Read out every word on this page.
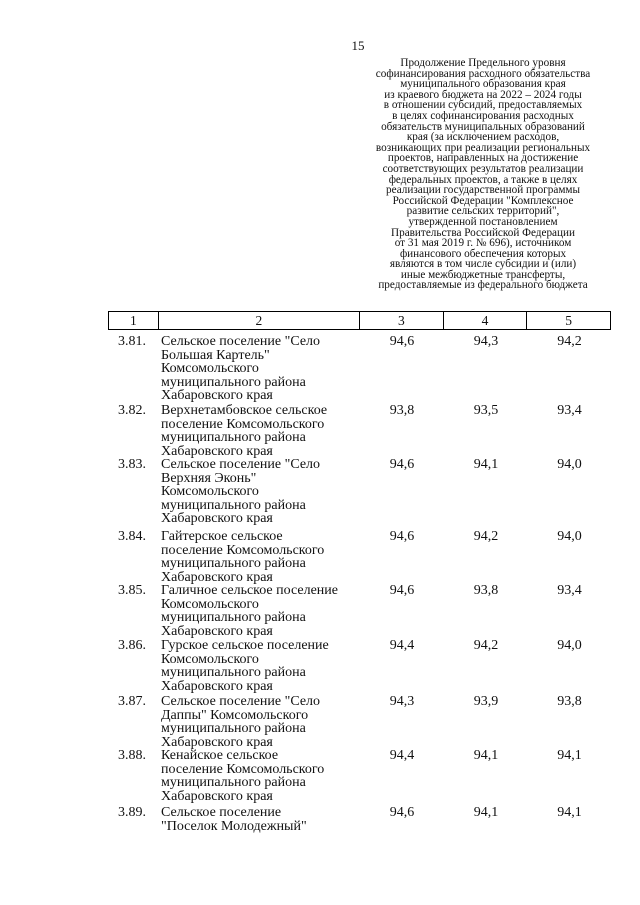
15
Продолжение Предельного уровня
софинансирования расходного обязательства
муниципального образования края
из краевого бюджета на 2022 – 2024 годы
в отношении субсидий, предоставляемых
в целях софинансирования расходных
обязательств муниципальных образований
края (за исключением расходов,
возникающих при реализации региональных
проектов, направленных на достижение
соответствующих результатов реализации
федеральных проектов, а также в целях
реализации государственной программы
Российской Федерации "Комплексное
развитие сельских территорий",
утвержденной постановлением
Правительства Российской Федерации
от 31 мая 2019 г. № 696), источником
финансового обеспечения которых
являются в том числе субсидии и (или)
иные межбюджетные трансферты,
предоставляемые из федерального бюджета
1	2	3	4	5
3.81.	Сельское поселение "Село
Большая Картель"
Комсомольского
муниципального района
Хабаровского края
94,6	94,3	94,2
3.82.	Верхнетамбовское сельское
поселение Комсомольского
муниципального района
Хабаровского края
93,8	93,5	93,4
3.83.	Сельское поселение "Село
Верхняя Эконь"
Комсомольского
муниципального района
Хабаровского края
94,6	94,1	94,0
3.84.	Гайтерское сельское
поселение Комсомольского
муниципального района
Хабаровского края
94,6	94,2	94,0
3.85.	Галичное сельское поселение
Комсомольского
муниципального района
Хабаровского края
94,6	93,8	93,4
3.86.	Гурское сельское поселение
Комсомольского
муниципального района
Хабаровского края
94,4	94,2	94,0
3.87.	Сельское поселение "Село
Даппы" Комсомольского
муниципального района
Хабаровского края
94,3	93,9	93,8
3.88.	Кенайское сельское
поселение Комсомольского
муниципального района
Хабаровского края
94,4	94,1	94,1
3.89.	Сельское поселение
"Поселок Молодежный"
94,6	94,1	94,1
